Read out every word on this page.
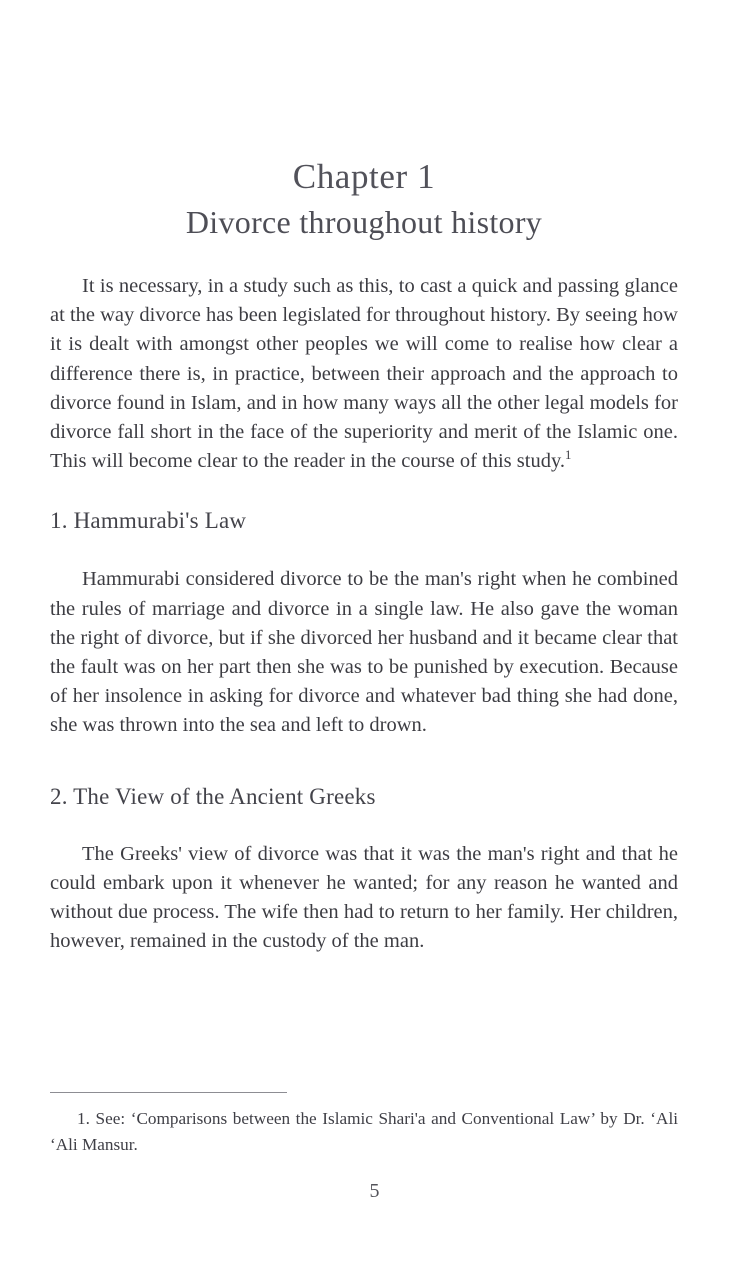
Chapter 1
Divorce throughout history

It is necessary, in a study such as this, to cast a quick and passing glance at the way divorce has been legislated for throughout history. By seeing how it is dealt with amongst other peoples we will come to realise how clear a difference there is, in practice, between their approach and the approach to divorce found in Islam, and in how many ways all the other legal models for divorce fall short in the face of the superiority and merit of the Islamic one. This will become clear to the reader in the course of this study.$^1$

1. Hammurabi's Law

Hammurabi considered divorce to be the man's right when he combined the rules of marriage and divorce in a single law. He also gave the woman the right of divorce, but if she divorced her husband and it became clear that the fault was on her part then she was to be punished by execution. Because of her insolence in asking for divorce and whatever bad thing she had done, she was thrown into the sea and left to drown.

2. The View of the Ancient Greeks

The Greeks' view of divorce was that it was the man's right and that he could embark upon it whenever he wanted; for any reason he wanted and without due process. The wife then had to return to her family. Her children, however, remained in the custody of the man.

1. See: ‘Comparisons between the Islamic Shari'a and Conventional Law’ by Dr. ‘Ali ‘Ali Mansur.

5
